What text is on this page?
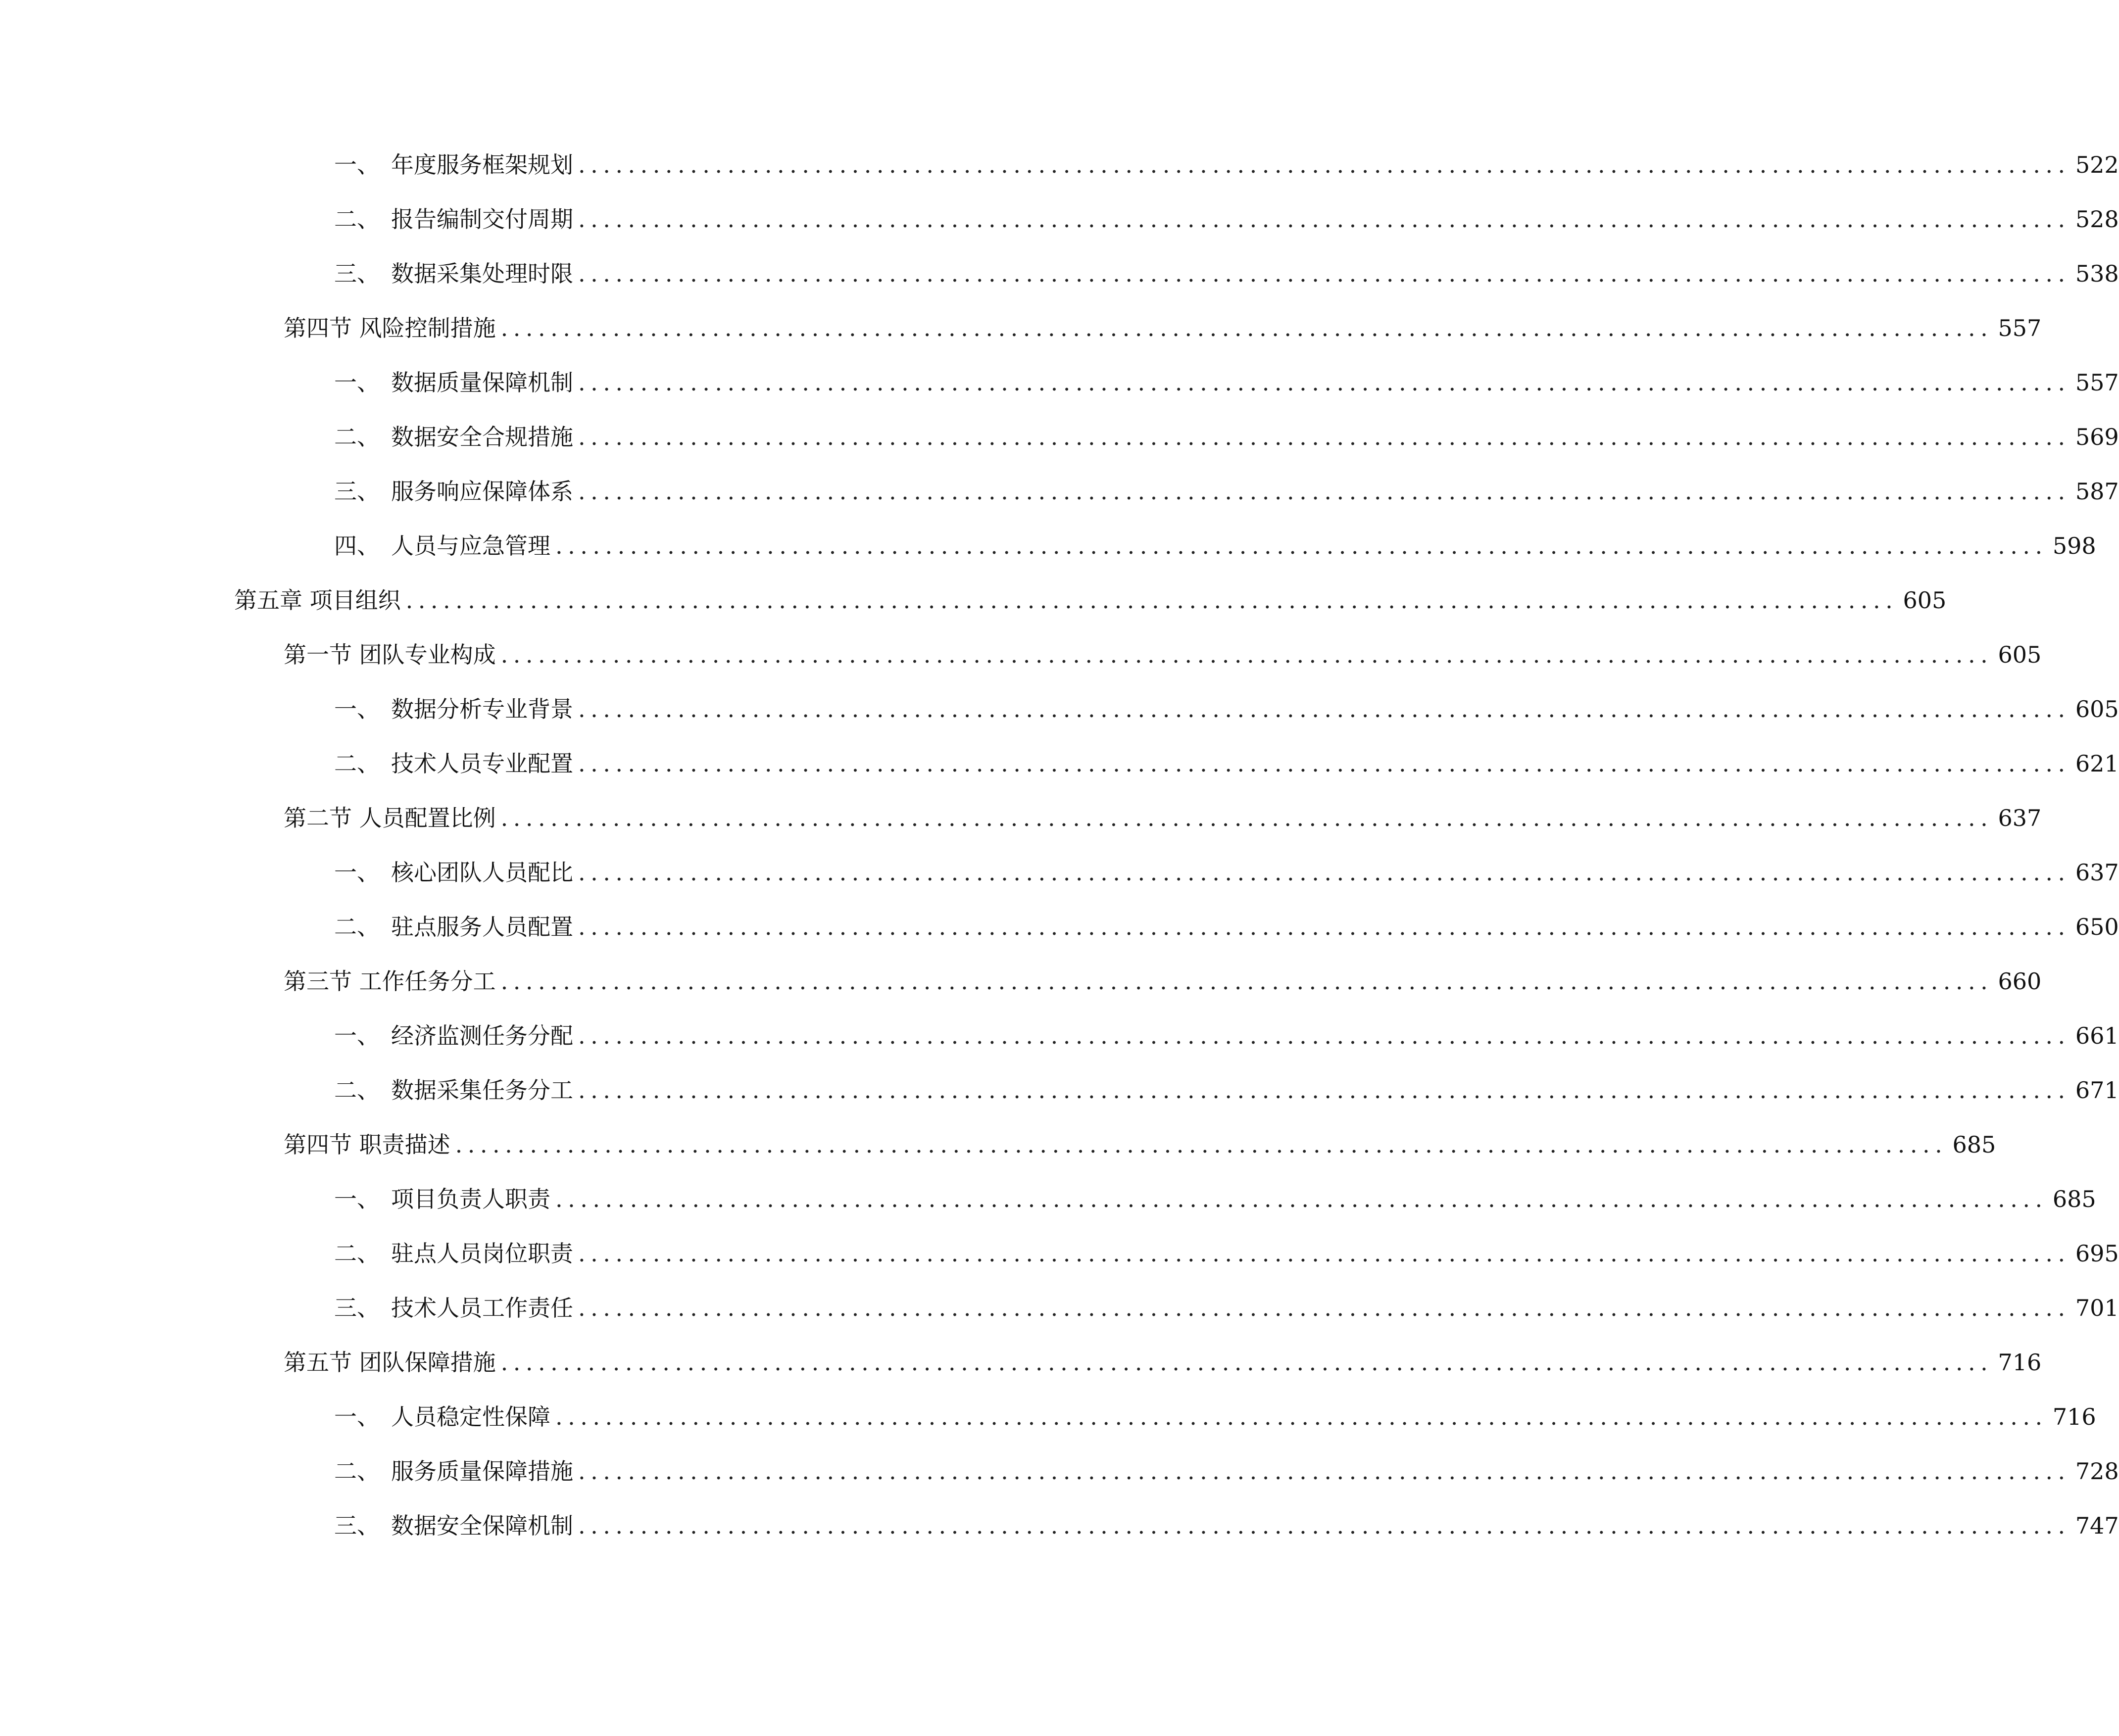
一、　年度服务框架规划 ........................................................................................................................ 522
二、　报告编制交付周期 ........................................................................................................................ 528
三、　数据采集处理时限 ........................................................................................................................ 538
第四节 风险控制措施 ........................................................................................................................ 557
一、　数据质量保障机制 ........................................................................................................................ 557
二、　数据安全合规措施 ........................................................................................................................ 569
三、　服务响应保障体系 ........................................................................................................................ 587
四、　人员与应急管理 ........................................................................................................................ 598
第五章 项目组织 ........................................................................................................................ 605
第一节 团队专业构成 ........................................................................................................................ 605
一、　数据分析专业背景 ........................................................................................................................ 605
二、　技术人员专业配置 ........................................................................................................................ 621
第二节 人员配置比例 ........................................................................................................................ 637
一、　核心团队人员配比 ........................................................................................................................ 637
二、　驻点服务人员配置 ........................................................................................................................ 650
第三节 工作任务分工 ........................................................................................................................ 660
一、　经济监测任务分配 ........................................................................................................................ 661
二、　数据采集任务分工 ........................................................................................................................ 671
第四节 职责描述 ........................................................................................................................ 685
一、　项目负责人职责 ........................................................................................................................ 685
二、　驻点人员岗位职责 ........................................................................................................................ 695
三、　技术人员工作责任 ........................................................................................................................ 701
第五节 团队保障措施 ........................................................................................................................ 716
一、　人员稳定性保障 ........................................................................................................................ 716
二、　服务质量保障措施 ........................................................................................................................ 728
三、　数据安全保障机制 ........................................................................................................................ 747
